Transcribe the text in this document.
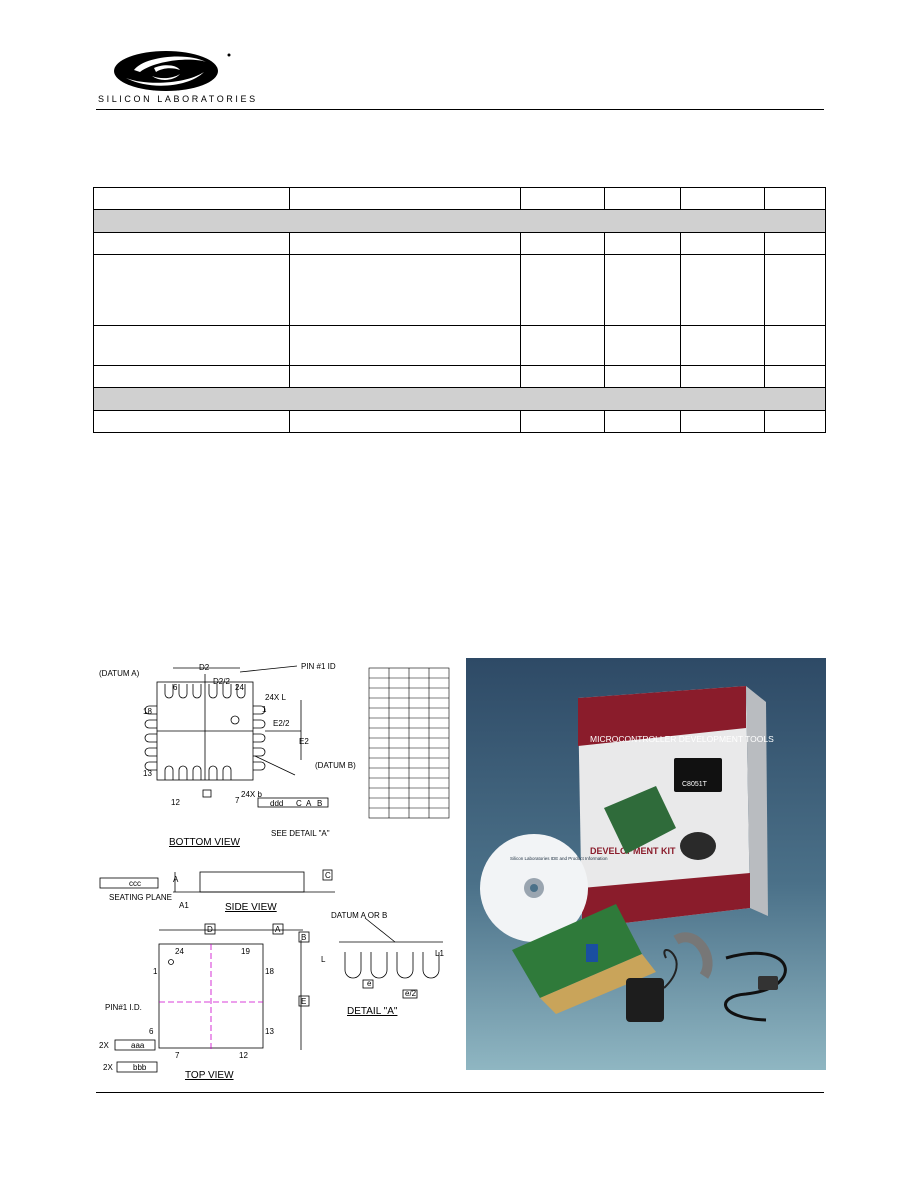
SILICON LABORATORIES

(DATUM A)
D2
D2/2
PIN #1 ID
24
6
1
18
13
24X L
E2/2
E2
(DATUM B)
12	7
24X b
ddd C A B
SEE DETAIL "A"
BOTTOM VIEW
ccc
SEATING PLANE
A
A1
C
SIDE VIEW
D	A
B
E
24	19
1	18
PIN#1 I.D.
6	13
7	12
2X	aaa
2X	bbb
TOP VIEW
DATUM A OR B
L
L1
e
e/2
DETAIL "A"
MICROCONTROLLER DEVELOPMENT TOOLS
DEVELOPMENT KIT
C8051T
Silicon Laboratories IDE and Product Information
